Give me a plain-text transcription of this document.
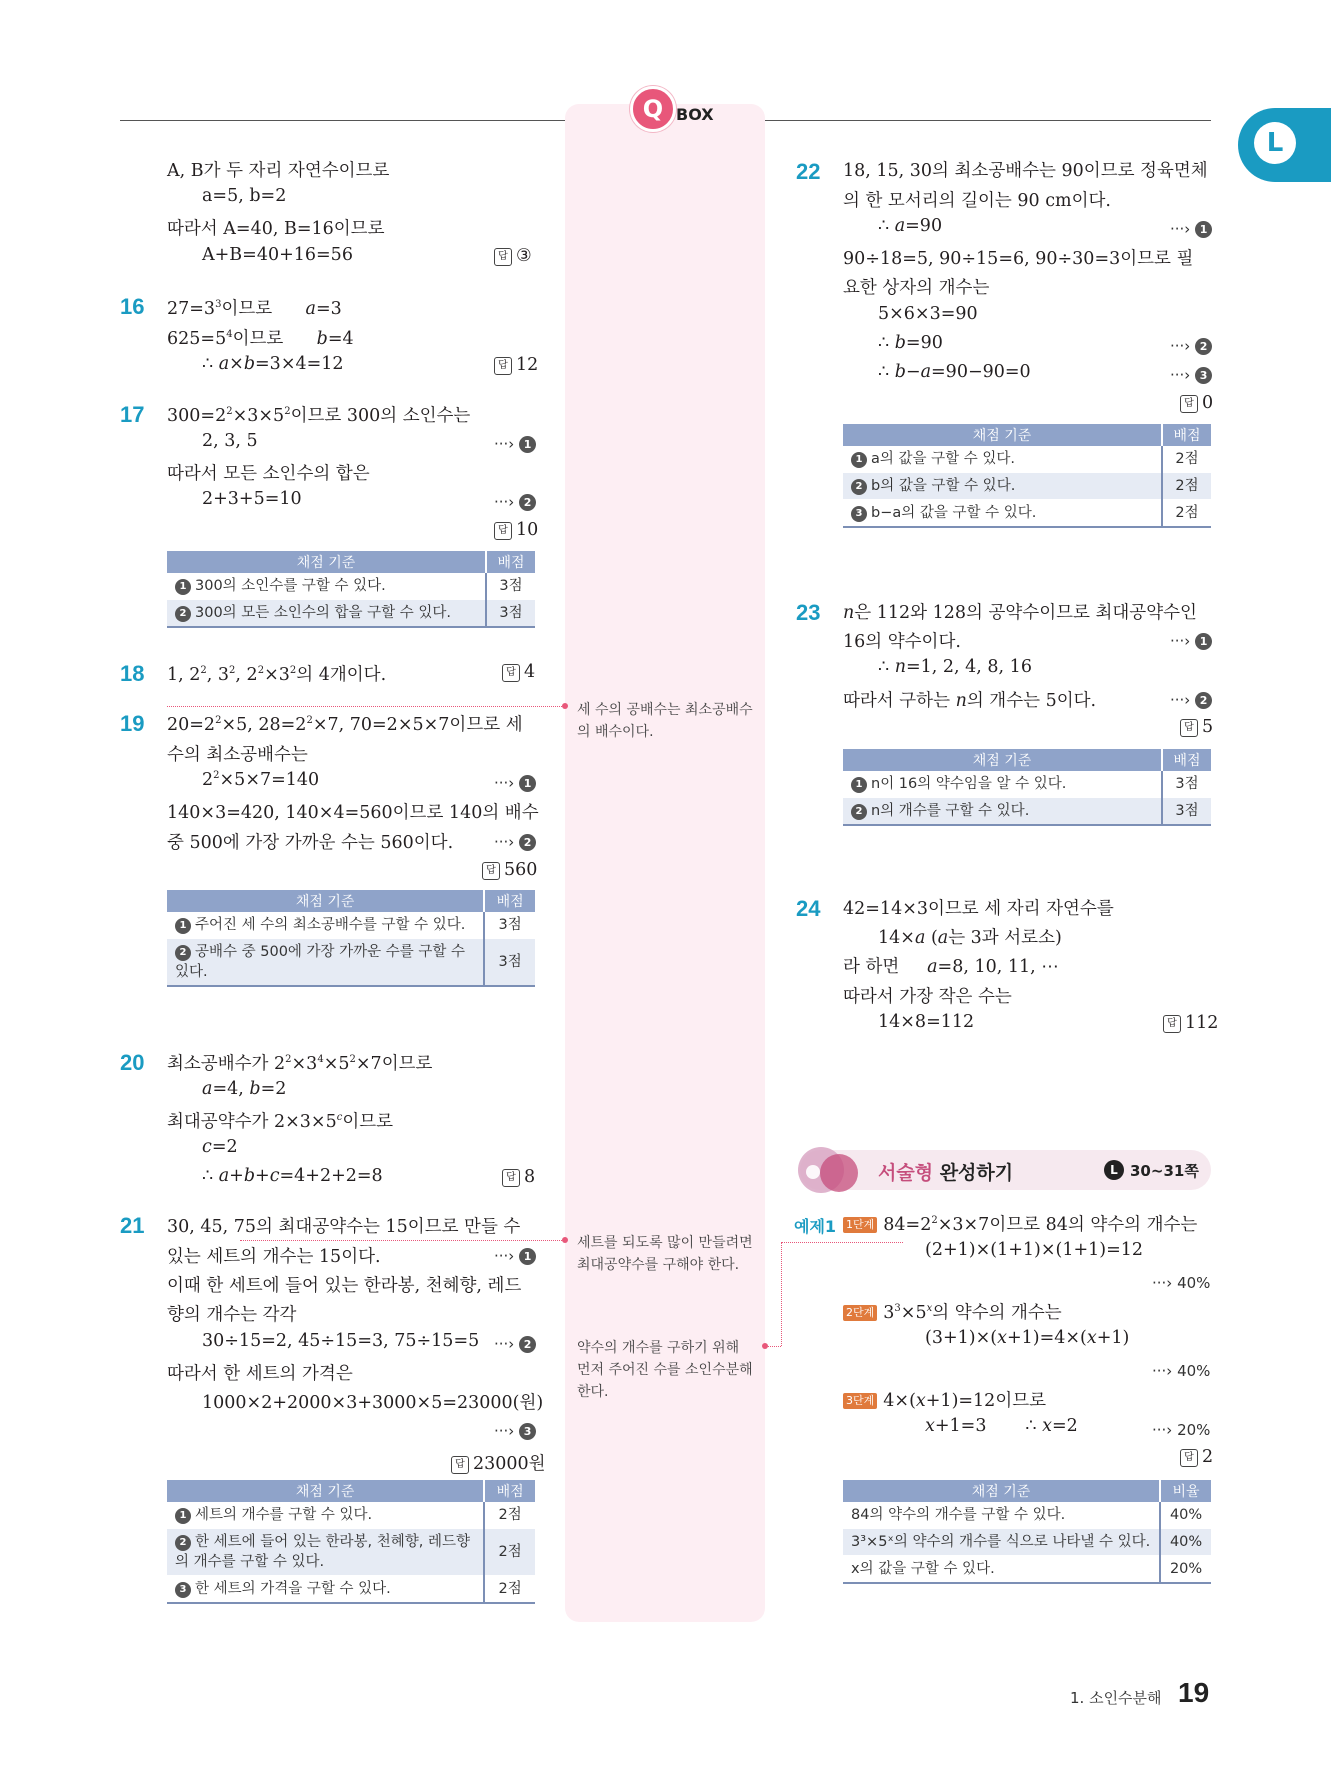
Q BOX
L
A, B가 두 자리 자연수이므로
a=5, b=2
따라서 A=40, B=16이므로
A+B=40+16=56	답 ③
16 $27=3^3$이므로      a=3
$625=5^4$이므로      b=4
∴ a×b=3×4=12	답 12
17 $300=2^2\times 3\times 5^2$이므로 300의 소인수는
2, 3, 5	···› 1
따라서 모든 소인수의 합은
2+3+5=10	···› 2
답 10
채점 기준	배점
1 300의 소인수를 구할 수 있다.	3점
2 300의 모든 소인수의 합을 구할 수 있다.	3점
18 1, $2^2$, $3^2$, $2^2\times 3^2$의 4개이다.	답 4
19 $20=2^2\times 5$, $28=2^2\times 7$, 70=2×5×7이므로 세
수의 최소공배수는
$2^2\times 5\times 7=140$	···› 1
140×3=420, 140×4=560이므로 140의 배수
중 500에 가장 가까운 수는 560이다.	···› 2
답 560
채점 기준	배점
1 주어진 세 수의 최소공배수를 구할 수 있다.	3점
2 공배수 중 500에 가장 가까운 수를 구할 수 있다.	3점
20 최소공배수가 $2^2\times 3^4\times 5^2\times 7$이므로
a=4, b=2
최대공약수가 $2\times 3\times 5^c$이므로
c=2
∴ a+b+c=4+2+2=8	답 8
21 30, 45, 75의 최대공약수는 15이므로 만들 수
있는 세트의 개수는 15이다.	···› 1
이때 한 세트에 들어 있는 한라봉, 천혜향, 레드
향의 개수는 각각
30÷15=2, 45÷15=3, 75÷15=5 ···› 2
따라서 한 세트의 가격은
1000×2+2000×3+3000×5=23000(원)
···› 3
답 23000원
채점 기준	배점
1 세트의 개수를 구할 수 있다.	2점
2 한 세트에 들어 있는 한라봉, 천혜향, 레드향의 개수를 구할 수 있다.	2점
3 한 세트의 가격을 구할 수 있다.	2점
세 수의 공배수는 최소공배수의 배수이다.
세트를 되도록 많이 만들려면 최대공약수를 구해야 한다.
약수의 개수를 구하기 위해 먼저 주어진 수를 소인수분해한다.
22 18, 15, 30의 최소공배수는 90이므로 정육면체
의 한 모서리의 길이는 90 cm이다.
∴ a=90	···› 1
90÷18=5, 90÷15=6, 90÷30=3이므로 필
요한 상자의 개수는
5×6×3=90
∴ b=90	···› 2
∴ b−a=90−90=0	···› 3
답 0
채점 기준	배점
1 a의 값을 구할 수 있다.	2점
2 b의 값을 구할 수 있다.	2점
3 b−a의 값을 구할 수 있다.	2점
23 n은 112와 128의 공약수이므로 최대공약수인
16의 약수이다.	···› 1
∴ n=1, 2, 4, 8, 16
따라서 구하는 n의 개수는 5이다.	···› 2
답 5
채점 기준	배점
1 n이 16의 약수임을 알 수 있다.	3점
2 n의 개수를 구할 수 있다.	3점
24 42=14×3이므로 세 자리 자연수를
14×a (a는 3과 서로소)
라 하면     a=8, 10, 11, ⋯
따라서 가장 작은 수는
14×8=112	답 112
서술형 완성하기	L 30~31쪽
예제1 1단계 $84=2^2\times 3\times 7$이므로 84의 약수의 개수는
(2+1)×(1+1)×(1+1)=12
···› 40%
2단계 $3^3\times 5^x$의 약수의 개수는
(3+1)×(x+1)=4×(x+1)
···› 40%
3단계 4×(x+1)=12이므로
x+1=3       ∴ x=2	···› 20%
답 2
채점 기준	비율
84의 약수의 개수를 구할 수 있다.	40%
3³×5ˣ의 약수의 개수를 식으로 나타낼 수 있다.	40%
x의 값을 구할 수 있다.	20%
1. 소인수분해 19
